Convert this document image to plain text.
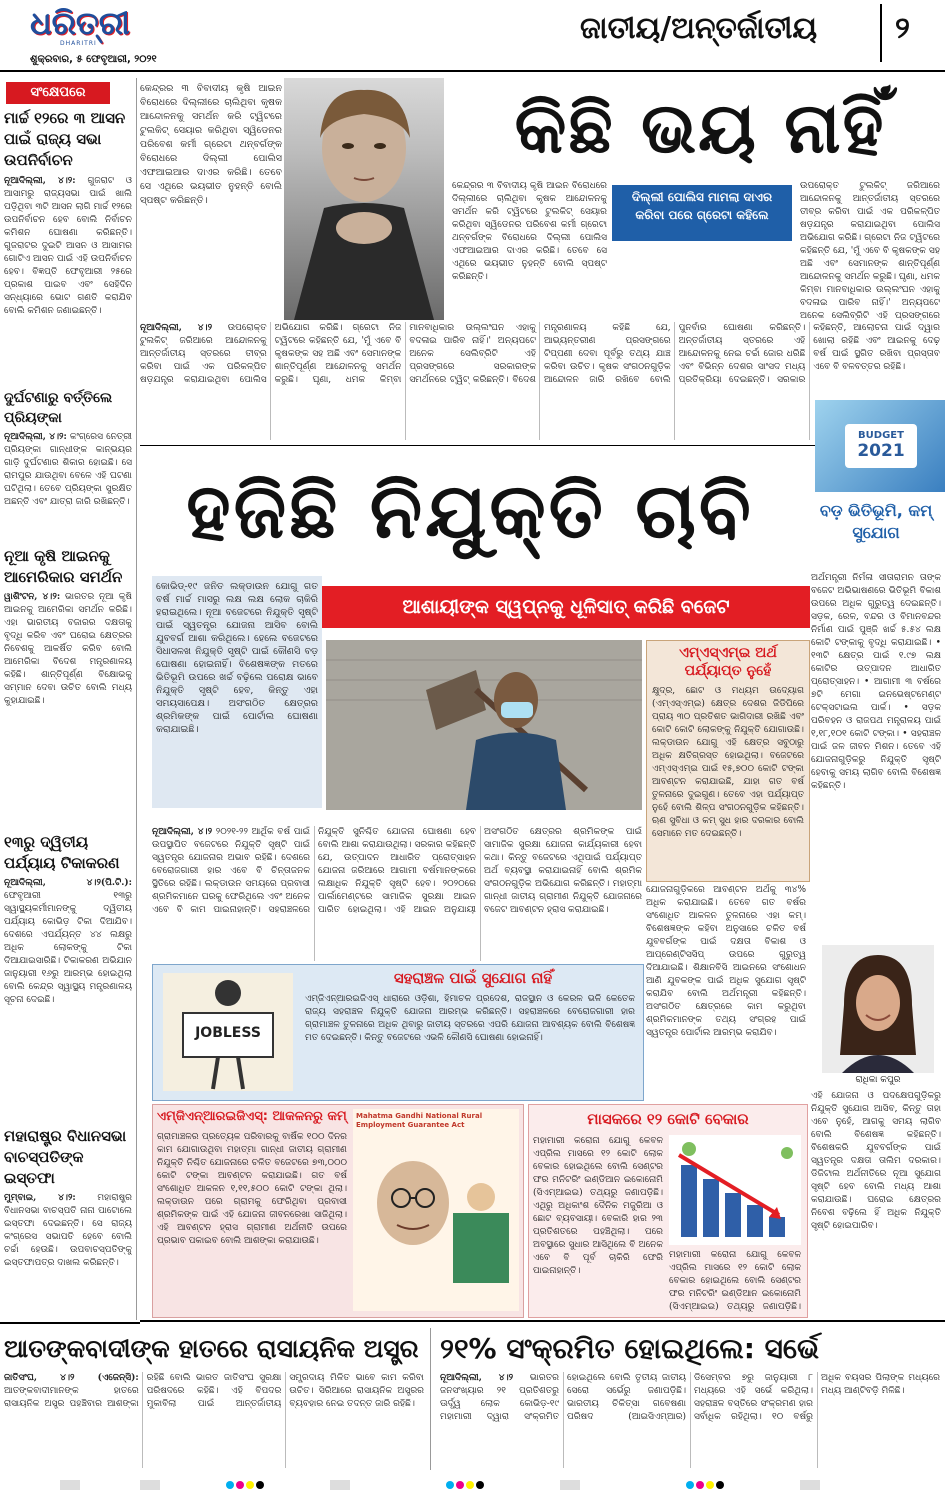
ଧରିତ୍ରୀ
DHARITRI
ଶୁକ୍ରବାର, ୫ ଫେବୃଆରୀ, ୨୦୨୧
ଜାତୀୟ/ଅନ୍ତର୍ଜାତୀୟ	୨
ସଂକ୍ଷେପରେ
ମାର୍ଚ୍ଚ ୧୨ରେ ୩ ଆସନ ପାଇଁ ରାଜ୍ୟ ସଭା ଉପନିର୍ବାଚନ
ନୂଆଦିଲ୍ଲୀ, ୪।୨: ଗୁଜରାଟ ଓ ଆସାମରୁ ରାଜ୍ୟସଭା ପାଇଁ ଖାଲି ପଡ଼ିଥିବା ୩ଟି ଆସନ ଲାଗି ମାର୍ଚ୍ଚ ୧୨ରେ ଉପନିର୍ବାଚନ ହେବ ବୋଲି ନିର୍ବାଚନ କମିଶନ ଘୋଷଣା କରିଛନ୍ତି। ଗୁଜରାଟର ଦୁଇଟି ଆସନ ଓ ଆସାମର ଗୋଟିଏ ଆସନ ପାଇଁ ଏହି ଉପନିର୍ବାଚନ ହେବ। ବିଜ୍ଞପ୍ତି ଫେବୃଆରୀ ୨୫ରେ ପ୍ରକାଶ ପାଇବ ଏବଂ ସେହିଦିନ ସନ୍ଧ୍ୟାରେ ଭୋଟ ଗଣତି କରାଯିବ ବୋଲି କମିଶନ ଜଣାଇଛନ୍ତି।
ଦୁର୍ଘଟଣାରୁ ବର୍ତ୍ତିଲେ ପ୍ରିୟଙ୍କା
ନୂଆଦିଲ୍ଲୀ, ୪।୨: କଂଗ୍ରେସ ନେତ୍ରୀ ପ୍ରିୟଙ୍କା ଗାନ୍ଧୀଙ୍କ କାନ୍‌ଭୟର ଗାଡ଼ି ଦୁର୍ଘଟଣାର ଶିକାର ହୋଇଛି। ସେ ରାମପୁର ଯାଉଥିବା ବେଳେ ଏହି ଘଟଣା ଘଟିଥିଲା। ତେବେ ପ୍ରିୟଙ୍କା ସୁରକ୍ଷିତ ଅଛନ୍ତି ଏବଂ ଯାତ୍ରା ଜାରି ରଖିଛନ୍ତି।
ନୂଆ କୃଷି ଆଇନକୁ ଆମେରିକାର ସମର୍ଥନ
ୱାଶିଂଟନ, ୪।୨: ଭାରତର ନୂଆ କୃଷି ଆଇନକୁ ଆମେରିକା ସମର୍ଥନ କରିଛି। ଏହା ଭାରତୀୟ ବଜାରର ଦକ୍ଷତାକୁ ବୃଦ୍ଧି କରିବ ଏବଂ ଘରୋଇ କ୍ଷେତ୍ରର ନିବେଶକୁ ଆକର୍ଷିତ କରିବ ବୋଲି ଆମେରିକା ବିଦେଶ ମନ୍ତ୍ରଣାଳୟ କହିଛି। ଶାନ୍ତିପୂର୍ଣ୍ଣ ବିକ୍ଷୋଭକୁ ସମ୍ମାନ ଦେବା ଉଚିତ ବୋଲି ମଧ୍ୟ କୁହାଯାଇଛି।
୧୩ରୁ ଦ୍ୱିତୀୟ ପର୍ଯ୍ୟାୟ ଟିକାକରଣ
ନୂଆଦିଲ୍ଲୀ, ୪।୨(ପି.ଟି.): ଫେବୃଆରୀ ୧୩ରୁ ସ୍ୱାସ୍ଥ୍ୟକର୍ମୀମାନଙ୍କୁ ଦ୍ୱିତୀୟ ପର୍ଯ୍ୟାୟ କୋଭିଡ଼ ଟିକା ଦିଆଯିବ। ଦେଶରେ ଏପର୍ଯ୍ୟନ୍ତ ୪୪ ଲକ୍ଷରୁ ଅଧିକ ଲୋକଙ୍କୁ ଟିକା ଦିଆଯାଇସାରିଛି। ଟିକାକରଣ ଅଭିଯାନ ଜାନୁୟାରୀ ୧୬ରୁ ଆରମ୍ଭ ହୋଇଥିଲା ବୋଲି କେନ୍ଦ୍ର ସ୍ୱାସ୍ଥ୍ୟ ମନ୍ତ୍ରଣାଳୟ ସୂଚନା ଦେଇଛି।
ମହାରାଷ୍ଟ୍ର ବିଧାନସଭା ବାଚସ୍ପତିଙ୍କ ଇସ୍ତଫା
ମୁମ୍ବାଇ, ୪।୨: ମହାରାଷ୍ଟ୍ର ବିଧାନସଭା ବାଚସ୍ପତି ନାନା ପାଟୋଲେ ଇସ୍ତଫା ଦେଇଛନ୍ତି। ସେ ରାଜ୍ୟ କଂଗ୍ରେସ ସଭାପତି ହେବେ ବୋଲି ଚର୍ଚ୍ଚା ହେଉଛି। ଉପବାଚସ୍ପତିଙ୍କୁ ଇସ୍ତଫାପତ୍ର ଦାଖଲ କରିଛନ୍ତି।
କେନ୍ଦ୍ରର ୩ ବିବାଦୀୟ କୃଷି ଆଇନ ବିରୋଧରେ ଦିଲ୍ଲୀରେ ଚାଲିଥିବା କୃଷକ ଆନ୍ଦୋଳନକୁ ସମର୍ଥନ କରି ଟ୍ୱିଟରେ ଟୁଲକିଟ୍ ସେୟାର କରିଥିବା ସ୍ୱିଡେନର ପରିବେଶ କର୍ମୀ ଗ୍ରେଟା ଥନ୍‌ବର୍ଗଙ୍କ ବିରୋଧରେ ଦିଲ୍ଲୀ ପୋଲିସ ଏଫଆଇଆର ଦାଏର କରିଛି। ତେବେ ସେ ଏଥିରେ ଭୟଭୀତ ନୁହନ୍ତି ବୋଲି ସ୍ପଷ୍ଟ କରିଛନ୍ତି।
କିଛି ଭୟ ନାହିଁ
ଦିଲ୍ଲୀ ପୋଲିସ ମାମଲା ଦାଏର କରିବା ପରେ ଗ୍ରେଟା କହିଲେ
ନୂଆଦିଲ୍ଲୀ, ୪।୨ ଉପରୋକ୍ତ ଟୁଲକିଟ୍ ଜରିଆରେ ଆନ୍ଦୋଳନକୁ ଆନ୍ତର୍ଜାତୀୟ ସ୍ତରରେ ତୀବ୍ର କରିବା ପାଇଁ ଏକ ପରିକଳ୍ପିତ ଷଡ଼ଯନ୍ତ୍ର କରାଯାଇଥିବା ପୋଲିସ ଅଭିଯୋଗ କରିଛି। ଗ୍ରେଟା ନିଜ ଟ୍ୱିଟରେ କହିଛନ୍ତି ଯେ, 'ମୁଁ ଏବେ ବି କୃଷକଙ୍କ ସହ ଅଛି ଏବଂ ସେମାନଙ୍କ ଶାନ୍ତିପୂର୍ଣ୍ଣ ଆନ୍ଦୋଳନକୁ ସମର୍ଥନ କରୁଛି। ଘୃଣା, ଧମକ କିମ୍ବା ମାନବାଧିକାର ଉଲ୍ଲଂଘନ ଏହାକୁ ବଦଳାଇ ପାରିବ ନାହିଁ।' ଅନ୍ୟପଟେ ଅନେକ ସେଲିବ୍ରିଟି ଏହି ପ୍ରସଙ୍ଗରେ ସରକାରଙ୍କ ସମର୍ଥନରେ ଟ୍ୱିଟ୍ କରିଛନ୍ତି। ବିଦେଶ ମନ୍ତ୍ରଣାଳୟ କହିଛି ଯେ, ଆଭ୍ୟନ୍ତରୀଣ ପ୍ରସଙ୍ଗରେ ଟିପ୍ପଣୀ ଦେବା ପୂର୍ବରୁ ତଥ୍ୟ ଯାଞ୍ଚ କରିବା ଉଚିତ। କୃଷକ ସଂଗଠନଗୁଡ଼ିକ ଆନ୍ଦୋଳନ ଜାରି ରଖିବେ ବୋଲି ପୁନର୍ବାର ଘୋଷଣା କରିଛନ୍ତି। ଅନ୍ତର୍ଜାତୀୟ ସ୍ତରରେ ଏହି ଆନ୍ଦୋଳନକୁ ନେଇ ଚର୍ଚ୍ଚା ଜୋର ଧରିଛି ଏବଂ ବିଭିନ୍ନ ଦେଶର ସାଂସଦ ମଧ୍ୟ ପ୍ରତିକ୍ରିୟା ଦେଇଛନ୍ତି। ସରକାର କହିଛନ୍ତି, ଆଲୋଚନା ପାଇଁ ଦ୍ୱାର ଖୋଲା ରହିଛି ଏବଂ ଆଇନକୁ ଦେଢ଼ ବର୍ଷ ପାଇଁ ସ୍ଥଗିତ ରଖିବା ପ୍ରସ୍ତାବ ଏବେ ବି ବଳବତ୍ତର ରହିଛି।
କେନ୍ଦ୍ରର ୩ ବିବାଦୀୟ କୃଷି ଆଇନ ବିରୋଧରେ ଦିଲ୍ଲୀରେ ଚାଲିଥିବା କୃଷକ ଆନ୍ଦୋଳନକୁ ସମର୍ଥନ କରି ଟ୍ୱିଟରେ ଟୁଲକିଟ୍ ସେୟାର କରିଥିବା ସ୍ୱିଡେନର ପରିବେଶ କର୍ମୀ ଗ୍ରେଟା ଥନ୍‌ବର୍ଗଙ୍କ ବିରୋଧରେ ଦିଲ୍ଲୀ ପୋଲିସ ଏଫଆଇଆର ଦାଏର କରିଛି। ତେବେ ସେ ଏଥିରେ ଭୟଭୀତ ନୁହନ୍ତି ବୋଲି ସ୍ପଷ୍ଟ କରିଛନ୍ତି।
ଉପରୋକ୍ତ ଟୁଲକିଟ୍ ଜରିଆରେ ଆନ୍ଦୋଳନକୁ ଆନ୍ତର୍ଜାତୀୟ ସ୍ତରରେ ତୀବ୍ର କରିବା ପାଇଁ ଏକ ପରିକଳ୍ପିତ ଷଡ଼ଯନ୍ତ୍ର କରାଯାଇଥିବା ପୋଲିସ ଅଭିଯୋଗ କରିଛି। ଗ୍ରେଟା ନିଜ ଟ୍ୱିଟରେ କହିଛନ୍ତି ଯେ, 'ମୁଁ ଏବେ ବି କୃଷକଙ୍କ ସହ ଅଛି ଏବଂ ସେମାନଙ୍କ ଶାନ୍ତିପୂର୍ଣ୍ଣ ଆନ୍ଦୋଳନକୁ ସମର୍ଥନ କରୁଛି। ଘୃଣା, ଧମକ କିମ୍ବା ମାନବାଧିକାର ଉଲ୍ଲଂଘନ ଏହାକୁ ବଦଳାଇ ପାରିବ ନାହିଁ।' ଅନ୍ୟପଟେ ଅନେକ ସେଲିବ୍ରିଟି ଏହି ପ୍ରସଙ୍ଗରେ
ହଜିଛି ନିଯୁକ୍ତି ଚାବି
BUDGET
2021
ବଡ଼ ଭିତିଭୂମି, କମ୍ ସୁଯୋଗ
କୋଭିଡ୍-୧୯ ଜନିତ ଲକ୍‌ଡାଉନ ଯୋଗୁ ଗତ ବର୍ଷ ମାର୍ଚ୍ଚ ମାସରୁ ଲକ୍ଷ ଲକ୍ଷ ଲୋକ ଚାକିରି ହରାଇଥିଲେ। ନୂଆ ବଜେଟରେ ନିଯୁକ୍ତି ସୃଷ୍ଟି ପାଇଁ ସ୍ୱତନ୍ତ୍ର ଯୋଜନା ଆସିବ ବୋଲି ଯୁବବର୍ଗ ଆଶା କରିଥିଲେ। ହେଲେ ବଜେଟରେ ସିଧାସଳଖ ନିଯୁକ୍ତି ସୃଷ୍ଟି ପାଇଁ କୌଣସି ବଡ଼ ଘୋଷଣା ହୋଇନାହିଁ। ବିଶେଷଜ୍ଞଙ୍କ ମତରେ ଭିତିଭୂମି ଉପରେ ଖର୍ଚ୍ଚ ବଢ଼ିଲେ ପରୋକ୍ଷ ଭାବେ ନିଯୁକ୍ତି ସୃଷ୍ଟି ହେବ, କିନ୍ତୁ ଏହା ସମୟସାପେକ୍ଷ। ଅସଂଗଠିତ କ୍ଷେତ୍ରର ଶ୍ରମିକଙ୍କ ପାଇଁ ପୋର୍ଟାଲ ଘୋଷଣା କରାଯାଇଛି।
ଆଶାୟୀଙ୍କ ସ୍ୱପ୍ନକୁ ଧୂଳିସାତ୍ କରିଛି ବଜେଟ
ଏମ୍‌ଏସ୍‌ଏମ୍‌ଇ ଅର୍ଥ ପର୍ଯ୍ୟାପ୍ତ ନୁହେଁ
କ୍ଷୁଦ୍ର, ଛୋଟ ଓ ମଧ୍ୟମ ଉଦ୍ୟୋଗ (ଏମ୍‌ଏସ୍‌ଏମ୍‌ଇ) କ୍ଷେତ୍ର ଦେଶର ଜିଡିପିରେ ପ୍ରାୟ ୩୦ ପ୍ରତିଶତ ଭାଗିଦାରୀ ରଖିଛି ଏବଂ କୋଟି କୋଟି ଲୋକଙ୍କୁ ନିଯୁକ୍ତି ଯୋଗାଉଛି। ଲକ୍‌ଡାଉନ ଯୋଗୁ ଏହି କ୍ଷେତ୍ର ସବୁଠାରୁ ଅଧିକ କ୍ଷତିଗ୍ରସ୍ତ ହୋଇଥିଲା। ବଜେଟରେ ଏମ୍‌ଏସ୍‌ଏମ୍‌ଇ ପାଇଁ ୧୫,୭୦୦ କୋଟି ଟଙ୍କା ଆବଣ୍ଟନ କରାଯାଇଛି, ଯାହା ଗତ ବର୍ଷ ତୁଳନାରେ ଦୁଇଗୁଣ। ତେବେ ଏହା ପର୍ଯ୍ୟାପ୍ତ ନୁହେଁ ବୋଲି ଶିଳ୍ପ ସଂଗଠନଗୁଡ଼ିକ କହିଛନ୍ତି। ଋଣ ସୁବିଧା ଓ କମ୍ ସୁଧ ହାର ଦରକାର ବୋଲି ସେମାନେ ମତ ଦେଇଛନ୍ତି।
ଅର୍ଥମନ୍ତ୍ରୀ ନିର୍ମଳା ସୀତାରାମନ ତାଙ୍କ ବଜେଟ ଅଭିଭାଷଣରେ ଭିତିଭୂମି ବିକାଶ ଉପରେ ଅଧିକ ଗୁରୁତ୍ୱ ଦେଇଛନ୍ତି। ସଡ଼କ, ରେଳ, ବନ୍ଦର ଓ ବିମାନବନ୍ଦର ନିର୍ମାଣ ପାଇଁ ପୁଞ୍ଜି ଖର୍ଚ୍ଚ ୫.୫୪ ଲକ୍ଷ କୋଟି ଟଙ୍କାକୁ ବୃଦ୍ଧି କରାଯାଇଛି। • ୧୩ଟି କ୍ଷେତ୍ର ପାଇଁ ୧.୯୭ ଲକ୍ଷ କୋଟିର ଉତ୍ପାଦନ ଆଧାରିତ ପ୍ରୋତ୍ସାହନ। • ଆଗାମୀ ୩ ବର୍ଷରେ ୭ଟି ମେଗା ଇନଭେଷ୍ଟମେଣ୍ଟ ଟେକ୍ସଟାଇଲ ପାର୍କ। • ସଡ଼କ ପରିବହନ ଓ ରାଜପଥ ମନ୍ତ୍ରାଳୟ ପାଇଁ ୧,୧୮,୧୦୧ କୋଟି ଟଙ୍କା। • ସହରାଞ୍ଚଳ ପାଇଁ ଜଳ ଜୀବନ ମିଶନ। ତେବେ ଏହି ଯୋଜନାଗୁଡ଼ିକରୁ ନିଯୁକ୍ତି ସୃଷ୍ଟି ହେବାକୁ ସମୟ ଲାଗିବ ବୋଲି ବିଶେଷଜ୍ଞ କହିଛନ୍ତି।
ରାଧିକା କପୁର
ଏହି ଯୋଜନା ଓ ପଦକ୍ଷେପଗୁଡ଼ିକରୁ ନିଯୁକ୍ତି ସୁଯୋଗ ଆସିବ, କିନ୍ତୁ ତାହା ଏବେ ନୁହେଁ, ଆଗକୁ ସମୟ ଲାଗିବ ବୋଲି ବିଶେଷଜ୍ଞ କହିଛନ୍ତି। ବିଶେଷକରି ଯୁବବର୍ଗଙ୍କ ପାଇଁ ସ୍ୱତନ୍ତ୍ର ଦକ୍ଷତା ତାଲିମ ଦରକାର। ଡିଜିଟାଲ ଅର୍ଥନୀତିରେ ନୂଆ ସୁଯୋଗ ସୃଷ୍ଟି ହେବ ବୋଲି ମଧ୍ୟ ଆଶା କରାଯାଉଛି। ଘରୋଇ କ୍ଷେତ୍ରର ନିବେଶ ବଢ଼ିଲେ ହିଁ ଅଧିକ ନିଯୁକ୍ତି ସୃଷ୍ଟି ହୋଇପାରିବ।
ନୂଆଦିଲ୍ଲୀ, ୪।୨ ୨୦୨୧-୨୨ ଆର୍ଥିକ ବର୍ଷ ପାଇଁ ଉପସ୍ଥାପିତ ବଜେଟରେ ନିଯୁକ୍ତି ସୃଷ୍ଟି ପାଇଁ ସ୍ୱତନ୍ତ୍ର ଯୋଜନାର ଅଭାବ ରହିଛି। ଦେଶରେ ବେରୋଜଗାରୀ ହାର ଏବେ ବି ଚିନ୍ତାଜନକ ସ୍ଥିତିରେ ରହିଛି। ଲକ୍‌ଡାଉନ ସମୟରେ ପ୍ରବାସୀ ଶ୍ରମିକମାନେ ଘରକୁ ଫେରିଥିଲେ ଏବଂ ଅନେକ ଏବେ ବି କାମ ପାଇନାହାନ୍ତି। ସହରାଞ୍ଚଳରେ ନିଯୁକ୍ତି ସୁନିଶ୍ଚିତ ଯୋଜନା ଘୋଷଣା ହେବ ବୋଲି ଆଶା କରାଯାଉଥିଲା। ସରକାର କହିଛନ୍ତି ଯେ, ଉତ୍ପାଦନ ଆଧାରିତ ପ୍ରୋତ୍ସାହନ ଯୋଜନା ଜରିଆରେ ଆଗାମୀ ବର୍ଷମାନଙ୍କରେ ଲକ୍ଷାଧିକ ନିଯୁକ୍ତି ସୃଷ୍ଟି ହେବ। ୨୦୨୦ରେ ପାର୍ଲାମେଣ୍ଟରେ ସାମାଜିକ ସୁରକ୍ଷା ଆଇନ ପାରିତ ହୋଇଥିଲା। ଏହି ଆଇନ ଅନୁଯାୟୀ ଅସଂଗଠିତ କ୍ଷେତ୍ରର ଶ୍ରମିକଙ୍କ ପାଇଁ ସାମାଜିକ ସୁରକ୍ଷା ଯୋଜନା କାର୍ଯ୍ୟକାରୀ ହେବା କଥା। କିନ୍ତୁ ବଜେଟରେ ଏଥିପାଇଁ ପର୍ଯ୍ୟାପ୍ତ ଅର୍ଥ ବ୍ୟବସ୍ଥା କରାଯାଇନାହିଁ ବୋଲି ଶ୍ରମିକ ସଂଗଠନଗୁଡ଼ିକ ଅଭିଯୋଗ କରିଛନ୍ତି। ମହାତ୍ମା ଗାନ୍ଧୀ ଜାତୀୟ ଗ୍ରାମୀଣ ନିଯୁକ୍ତି ଯୋଜନାରେ ବଜେଟ ଆବଣ୍ଟନ ହ୍ରାସ କରାଯାଇଛି।
ଯୋଜନାଗୁଡ଼ିକରେ ଆବଣ୍ଟନ ଅର୍ଥକୁ ୩୪% ଅଧିକ କରାଯାଇଛି। ତେବେ ଗତ ବର୍ଷର ସଂଶୋଧିତ ଆକଳନ ତୁଳନାରେ ଏହା କମ୍। ବିଶେଷଜ୍ଞଙ୍କ କହିବା ଅନୁସାରେ ଚଳିତ ବର୍ଷ ଯୁବବର୍ଗଙ୍କ ପାଇଁ ଦକ୍ଷତା ବିକାଶ ଓ ଆପ୍ରେଣ୍ଟିସସିପ୍ ଉପରେ ଗୁରୁତ୍ୱ ଦିଆଯାଇଛି। ଶିକ୍ଷାନବିସି ଆଇନରେ ସଂଶୋଧନ ଆଣି ଯୁବକଙ୍କ ପାଇଁ ଅଧିକ ସୁଯୋଗ ସୃଷ୍ଟି କରାଯିବ ବୋଲି ଅର୍ଥମନ୍ତ୍ରୀ କହିଛନ୍ତି। ଅସଂଗଠିତ କ୍ଷେତ୍ରରେ କାମ କରୁଥିବା ଶ୍ରମିକମାନଙ୍କ ତଥ୍ୟ ସଂଗ୍ରହ ପାଇଁ ସ୍ୱତନ୍ତ୍ର ପୋର୍ଟାଲ ଆରମ୍ଭ କରାଯିବ।
ସହରାଞ୍ଚଳ ପାଇଁ ସୁଯୋଗ ନାହିଁ
JOBLESS
ଏମ୍‌ଜିଏନ୍‌ଆରଇଜିଏସ୍ ଧାରାରେ ଓଡ଼ିଶା, ହିମାଚଳ ପ୍ରଦେଶ, ରାଜସ୍ଥାନ ଓ କେରଳ ଭଳି କେତେକ ରାଜ୍ୟ ସହରାଞ୍ଚଳ ନିଯୁକ୍ତି ଯୋଜନା ଆରମ୍ଭ କରିଛନ୍ତି। ସହରାଞ୍ଚଳରେ ବେରୋଜଗାରୀ ହାର ଗ୍ରାମାଞ୍ଚଳ ତୁଳନାରେ ଅଧିକ ଥିବାରୁ ଜାତୀୟ ସ୍ତରରେ ଏପରି ଯୋଜନା ଆବଶ୍ୟକ ବୋଲି ବିଶେଷଜ୍ଞ ମତ ଦେଇଛନ୍ତି। କିନ୍ତୁ ବଜେଟରେ ଏଭଳି କୌଣସି ଘୋଷଣା ହୋଇନାହିଁ।
ଏମ୍‌ଜିଏନ୍‌ଆରଇଜିଏସ୍: ଆକଳନରୁ କମ୍
ଗ୍ରାମାଞ୍ଚଳର ପ୍ରତ୍ୟେକ ପରିବାରକୁ ବାର୍ଷିକ ୧୦୦ ଦିନର କାମ ଯୋଗାଉଥିବା ମହାତ୍ମା ଗାନ୍ଧୀ ଜାତୀୟ ଗ୍ରାମୀଣ ନିଯୁକ୍ତି ନିଶ୍ଚିତ ଯୋଜନାରେ ଚଳିତ ବଜେଟରେ ୭୩,୦୦୦ କୋଟି ଟଙ୍କା ଆବଣ୍ଟନ କରାଯାଇଛି। ଗତ ବର୍ଷ ସଂଶୋଧିତ ଆକଳନ ୧,୧୧,୫୦୦ କୋଟି ଟଙ୍କା ଥିଲା। ଲକ୍‌ଡାଉନ ପରେ ଗ୍ରାମକୁ ଫେରିଥିବା ପ୍ରବାସୀ ଶ୍ରମିକଙ୍କ ପାଇଁ ଏହି ଯୋଜନା ଜୀବନରେଖା ସାଜିଥିଲା। ଏହି ଆବଣ୍ଟନ ହ୍ରାସ ଗ୍ରାମୀଣ ଅର୍ଥନୀତି ଉପରେ ପ୍ରଭାବ ପକାଇବ ବୋଲି ଆଶଙ୍କା କରାଯାଉଛି।
Mahatma Gandhi National Rural Employment Guarantee Act	ମାସକରେ ୧୨ କୋଟି ବେକାର
ମହାମାରୀ କରୋନା ଯୋଗୁ କେବଳ ଏପ୍ରିଲ ମାସରେ ୧୨ କୋଟି ଲୋକ ବେକାର ହୋଇଥିଲେ ବୋଲି ସେଣ୍ଟର ଫର ମନିଟରିଂ ଇଣ୍ଡିଆନ ଇକୋନୋମି (ସିଏମ୍‌ଆଇଇ) ତଥ୍ୟରୁ ଜଣାପଡ଼ିଛି। ଏଥିରୁ ଅଧିକାଂଶ ଦୈନିକ ମଜୁରିଆ ଓ ଛୋଟ ବ୍ୟବସାୟୀ। ବେକାରି ହାର ୨୩ ପ୍ରତିଶତରେ ପହଞ୍ଚିଥିଲା। ପରେ ଅବସ୍ଥାରେ ସୁଧାର ଆସିଥିଲେ ବି ଅନେକ ଏବେ ବି ପୂର୍ବ ଚାକିରି ଫେରି ପାଇନାହାନ୍ତି।
ମହାମାରୀ କରୋନା ଯୋଗୁ କେବଳ ଏପ୍ରିଲ ମାସରେ ୧୨ କୋଟି ଲୋକ ବେକାର ହୋଇଥିଲେ ବୋଲି ସେଣ୍ଟର ଫର ମନିଟରିଂ ଇଣ୍ଡିଆନ ଇକୋନୋମି (ସିଏମ୍‌ଆଇଇ) ତଥ୍ୟରୁ ଜଣାପଡ଼ିଛି।
ଆତଙ୍କବାଦୀଙ୍କ ହାତରେ ରାସାୟନିକ ଅସ୍ତ୍ର
ଜାତିସଂଘ, ୪।୨ (ଏଜେନ୍ସି): ଆତଙ୍କବାଦୀମାନଙ୍କ ହାତରେ ରାସାୟନିକ ଅସ୍ତ୍ର ପହଞ୍ଚିବାର ଆଶଙ୍କା ରହିଛି ବୋଲି ଭାରତ ଜାତିସଂଘ ସୁରକ୍ଷା ପରିଷଦରେ କହିଛି। ଏହି ବିପଦର ମୁକାବିଲା ପାଇଁ ଆନ୍ତର୍ଜାତୀୟ ସମ୍ପ୍ରଦାୟ ମିଳିତ ଭାବେ କାମ କରିବା ଉଚିତ। ସିରିଆରେ ରାସାୟନିକ ଅସ୍ତ୍ରର ବ୍ୟବହାର ନେଇ ତଦନ୍ତ ଜାରି ରହିଛି।
୨୧% ସଂକ୍ରମିତ ହୋଇଥିଲେ: ସର୍ଭେ
ନୂଆଦିଲ୍ଲୀ, ୪।୨ ଭାରତର ଜନସଂଖ୍ୟାର ୨୧ ପ୍ରତିଶତରୁ ଊର୍ଦ୍ଧ୍ୱ ଲୋକ କୋଭିଡ଼-୧୯ ମହାମାରୀ ଦ୍ୱାରା ସଂକ୍ରମିତ ହୋଇଥିଲେ ବୋଲି ତୃତୀୟ ଜାତୀୟ ସେରୋ ସର୍ଭେରୁ ଜଣାପଡ଼ିଛି। ଭାରତୀୟ ଚିକିତ୍ସା ଗବେଷଣା ପରିଷଦ (ଆଇସିଏମ୍‌ଆର) ଡିସେମ୍ବର ୭ରୁ ଜାନୁୟାରୀ ୮ ମଧ୍ୟରେ ଏହି ସର୍ଭେ କରିଥିଲା। ସହରାଞ୍ଚଳ ବସ୍ତିରେ ସଂକ୍ରମଣ ହାର ସର୍ବାଧିକ ରହିଥିଲା। ୧୦ ବର୍ଷରୁ ଅଧିକ ବୟସର ପିଲାଙ୍କ ମଧ୍ୟରେ ମଧ୍ୟ ଆଣ୍ଟିବଡ଼ି ମିଳିଛି।
